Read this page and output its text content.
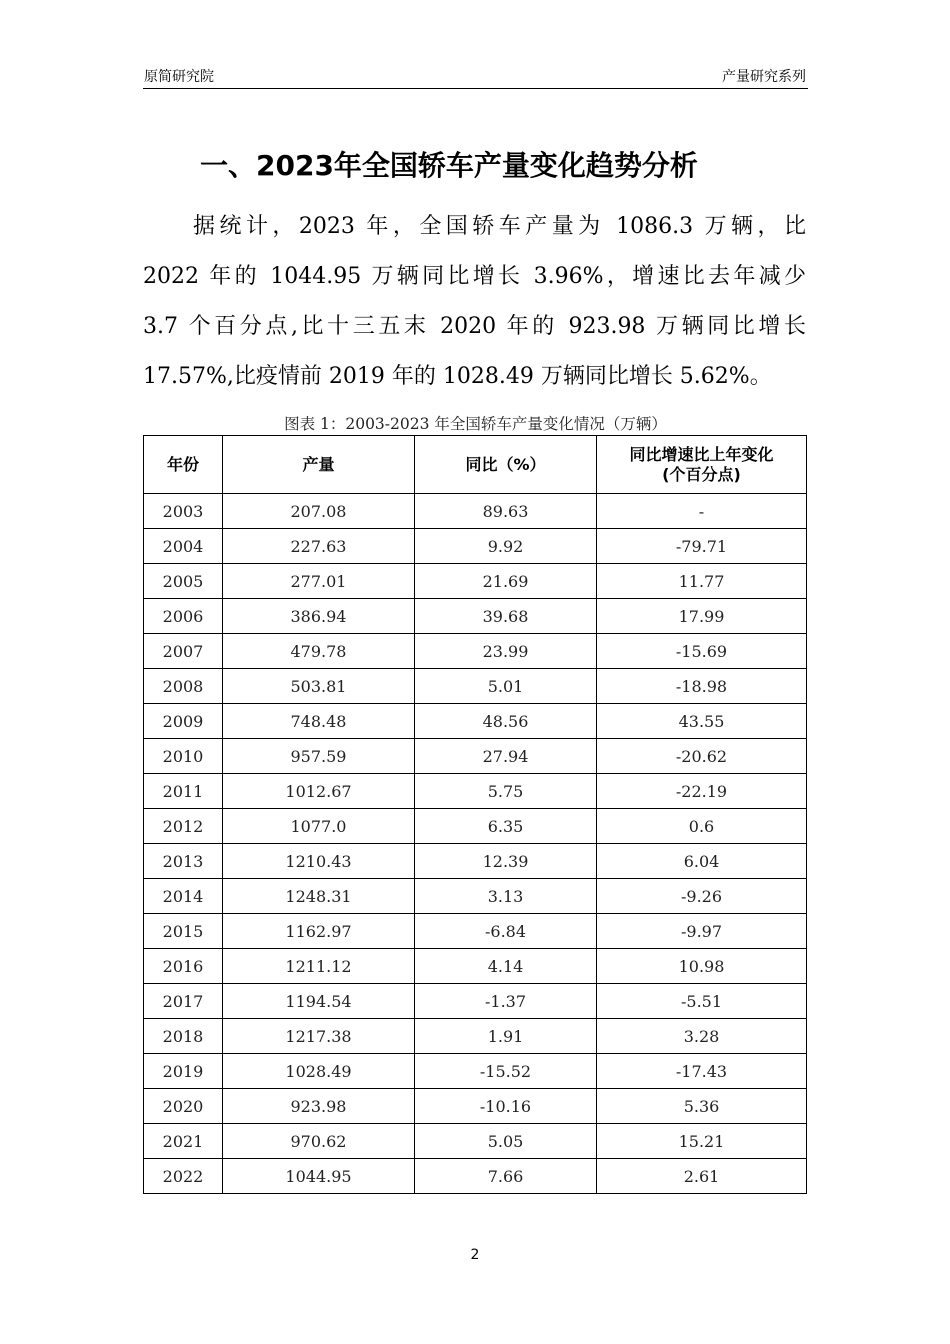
原简研究院	产量研究系列
一、2023年全国轿车产量变化趋势分析
据统计，2023 年，全国轿车产量为 1086.3 万辆，比
2022 年的 1044.95 万辆同比增长 3.96%，增速比去年减少
3.7 个百分点,比十三五末 2020 年的 923.98 万辆同比增长
17.57%,比疫情前 2019 年的 1028.49 万辆同比增长 5.62%。
图表 1：2003-2023 年全国轿车产量变化情况（万辆）
年份	产量	同比（%）	同比增速比上年变化
(个百分点)
2003	207.08	89.63	-
2004	227.63	9.92	-79.71
2005	277.01	21.69	11.77
2006	386.94	39.68	17.99
2007	479.78	23.99	-15.69
2008	503.81	5.01	-18.98
2009	748.48	48.56	43.55
2010	957.59	27.94	-20.62
2011	1012.67	5.75	-22.19
2012	1077.0	6.35	0.6
2013	1210.43	12.39	6.04
2014	1248.31	3.13	-9.26
2015	1162.97	-6.84	-9.97
2016	1211.12	4.14	10.98
2017	1194.54	-1.37	-5.51
2018	1217.38	1.91	3.28
2019	1028.49	-15.52	-17.43
2020	923.98	-10.16	5.36
2021	970.62	5.05	15.21
2022	1044.95	7.66	2.61
2
